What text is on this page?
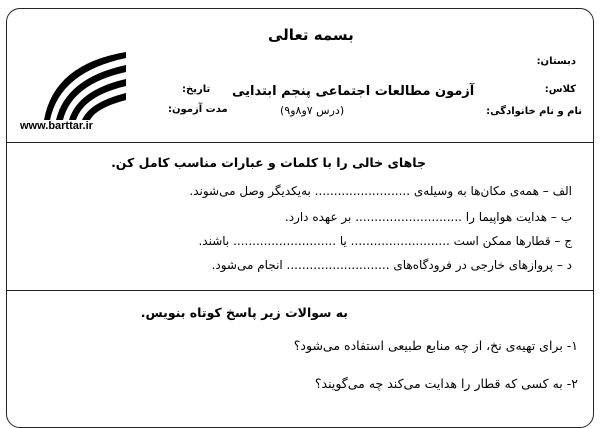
بسمه تعالی
آزمون مطالعات اجتماعی پنجم ابتدایی
(درس ۷و۸و۹)
دبستان:
کلاس:
نام و نام خانوادگی:
تاریخ:
مدت آزمون:
www.barttar.ir
جاهای خالی را با کلمات و عبارات مناسب کامل کن.
الف – همه‌ی مکان‌ها به وسیله‌ی ......................... به‌یکدیگر وصل می‌شوند.
ب – هدایت هواپیما را ............................ بر عهده دارد.
ج – قطارها ممکن است .......................... یا ........................... باشند.
د – پروازهای خارجی در فرودگاه‌های ........................... انجام می‌شود.
به سوالات زیر پاسخ کوتاه بنویس.
۱- برای تهیه‌ی نخ، از چه منابع طبیعی استفاده می‌شود؟
۲- به کسی که قطار را هدایت می‌کند چه می‌گویند؟
